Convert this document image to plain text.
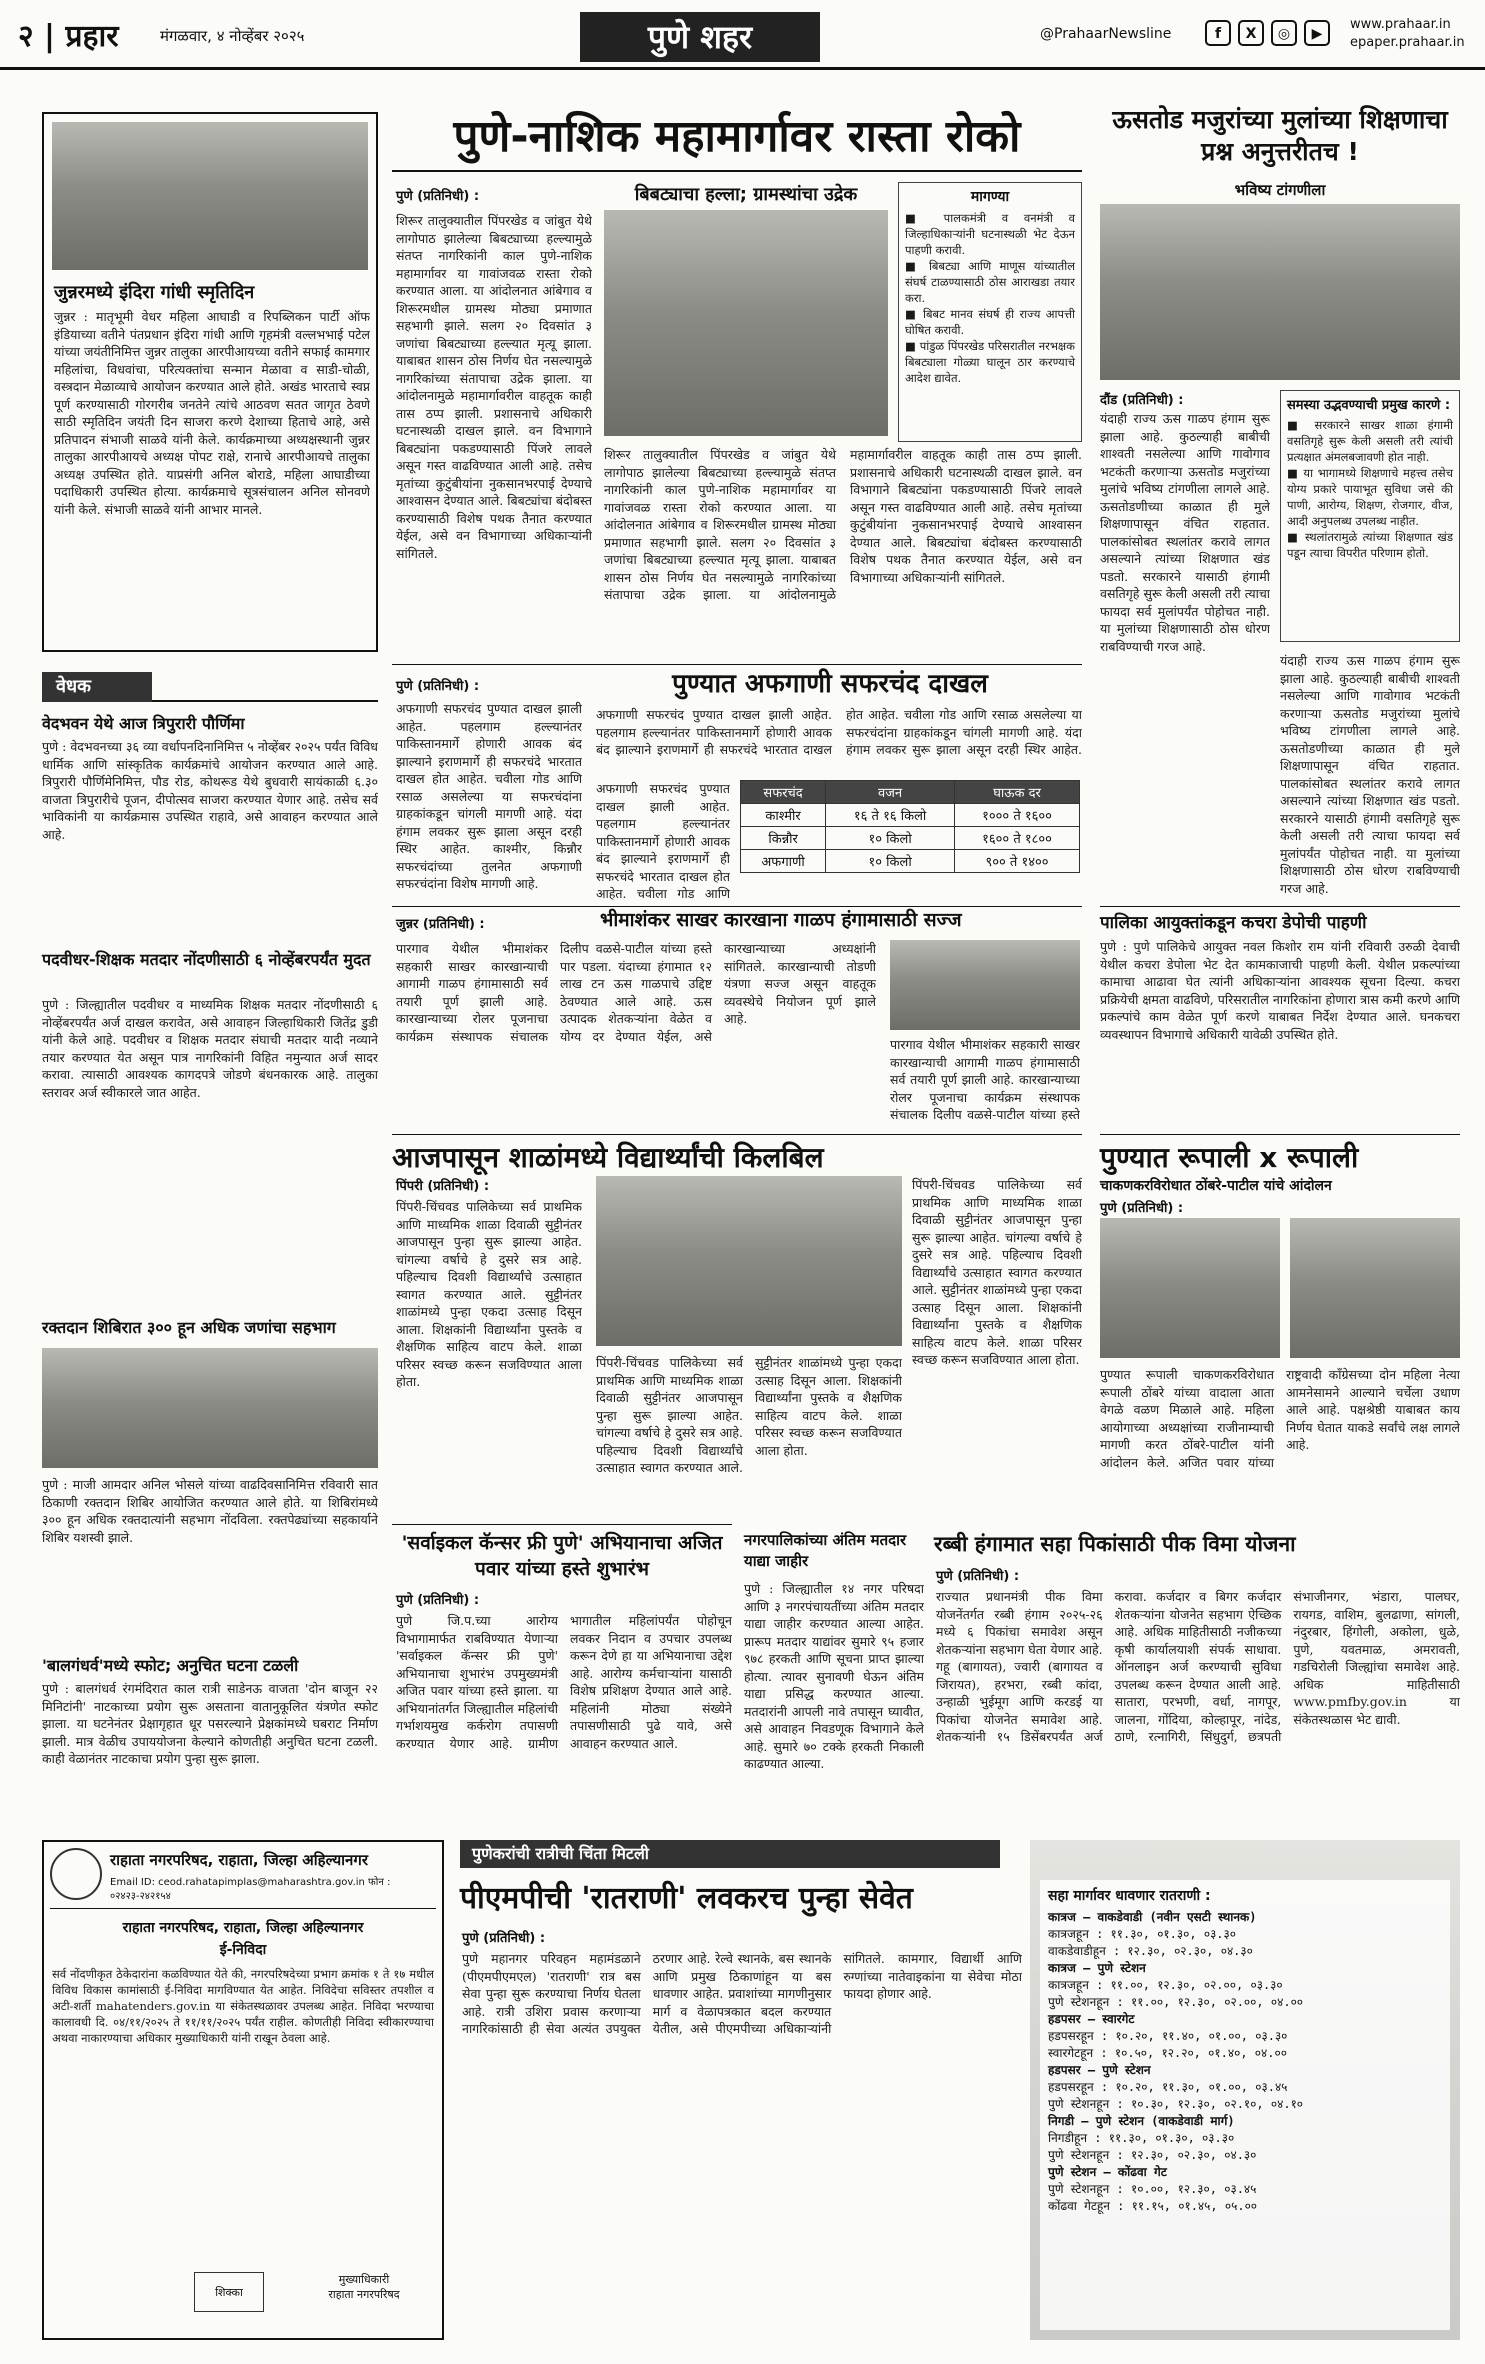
२ | प्रहार	मंगळवार, ४ नोव्हेंबर २०२५	पुणे शहर	@PrahaarNewsline	f	X	◎	▶
www.prahaar.in
epaper.prahaar.in
जुन्नरमध्ये इंदिरा गांधी स्मृतिदिन
जुन्नर : मातृभूमी वेधर महिला आघाडी व रिपब्लिकन पार्टी ऑफ इंडियाच्या वतीने पंतप्रधान इंदिरा गांधी आणि गृहमंत्री वल्लभभाई पटेल यांच्या जयंतीनिमित्त जुन्नर तालुका आरपीआयच्या वतीने सफाई कामगार महिलांचा, विधवांचा, परित्यक्तांचा सन्मान मेळावा व साडी-चोळी, वस्त्रदान मेळाव्याचे आयोजन करण्यात आले होते. अखंड भारताचे स्वप्न पूर्ण करण्यासाठी गोरगरीब जनतेने त्यांचे आठवण सतत जागृत ठेवणे साठी स्मृतिदिन जयंती दिन साजरा करणे देशाच्या हिताचे आहे, असे प्रतिपादन संभाजी साळवे यांनी केले. कार्यक्रमाच्या अध्यक्षस्थानी जुन्नर तालुका आरपीआयचे अध्यक्ष पोपट राक्षे, रानाचे आरपीआयचे तालुका अध्यक्ष उपस्थित होते. याप्रसंगी अनिल बोराडे, महिला आघाडीच्या पदाधिकारी उपस्थित होत्या. कार्यक्रमाचे सूत्रसंचालन अनिल सोनवणे यांनी केले. संभाजी साळवे यांनी आभार मानले.
वेधक
वेदभवन येथे आज त्रिपुरारी पौर्णिमा
पुणे : वेदभवनच्या ३६ व्या वर्धापनदिनानिमित्त ५ नोव्हेंबर २०२५ पर्यंत विविध धार्मिक आणि सांस्कृतिक कार्यक्रमांचे आयोजन करण्यात आले आहे. त्रिपुरारी पौर्णिमेनिमित्त, पौड रोड, कोथरूड येथे बुधवारी सायंकाळी ६.३० वाजता त्रिपुरारीचे पूजन, दीपोत्सव साजरा करण्यात येणार आहे. तसेच सर्व भाविकांनी या कार्यक्रमास उपस्थित राहावे, असे आवाहन करण्यात आले आहे.
पदवीधर-शिक्षक मतदार नोंदणीसाठी ६ नोव्हेंबरपर्यंत मुदत
पुणे : जिल्ह्यातील पदवीधर व माध्यमिक शिक्षक मतदार नोंदणीसाठी ६ नोव्हेंबरपर्यंत अर्ज दाखल करावेत, असे आवाहन जिल्हाधिकारी जितेंद्र डुडी यांनी केले आहे. पदवीधर व शिक्षक मतदार संघाची मतदार यादी नव्याने तयार करण्यात येत असून पात्र नागरिकांनी विहित नमुन्यात अर्ज सादर करावा. त्यासाठी आवश्यक कागदपत्रे जोडणे बंधनकारक आहे. तालुका स्तरावर अर्ज स्वीकारले जात आहेत.
रक्तदान शिबिरात ३०० हून अधिक जणांचा सहभाग
पुणे : माजी आमदार अनिल भोसले यांच्या वाढदिवसानिमित्त रविवारी सात ठिकाणी रक्तदान शिबिर आयोजित करण्यात आले होते. या शिबिरांमध्ये ३०० हून अधिक रक्तदात्यांनी सहभाग नोंदविला. रक्तपेढ्यांच्या सहकार्याने शिबिर यशस्वी झाले.
'बालगंधर्व'मध्ये स्फोट; अनुचित घटना टळली
पुणे : बालगंधर्व रंगमंदिरात काल रात्री साडेनऊ वाजता 'दोन बाजून २२ मिनिटांनी' नाटकाच्या प्रयोग सुरू असताना वातानुकूलित यंत्रणेत स्फोट झाला. या घटनेनंतर प्रेक्षागृहात धूर पसरल्याने प्रेक्षकांमध्ये घबराट निर्माण झाली. मात्र वेळीच उपाययोजना केल्याने कोणतीही अनुचित घटना टळली. काही वेळानंतर नाटकाचा प्रयोग पुन्हा सुरू झाला.
पुणे-नाशिक महामार्गावर रास्ता रोको
पुणे (प्रतिनिधी) :	बिबट्याचा हल्ला; ग्रामस्थांचा उद्रेक
शिरूर तालुक्यातील पिंपरखेड व जांबुत येथे लागोपाठ झालेल्या बिबट्याच्या हल्ल्यामुळे संतप्त नागरिकांनी काल पुणे-नाशिक महामार्गावर या गावांजवळ रास्ता रोको करण्यात आला. या आंदोलनात आंबेगाव व शिरूरमधील ग्रामस्थ मोठ्या प्रमाणात सहभागी झाले. सलग २० दिवसांत ३ जणांचा बिबट्याच्या हल्ल्यात मृत्यू झाला. याबाबत शासन ठोस निर्णय घेत नसल्यामुळे नागरिकांच्या संतापाचा उद्रेक झाला. या आंदोलनामुळे महामार्गावरील वाहतूक काही तास ठप्प झाली. प्रशासनाचे अधिकारी घटनास्थळी दाखल झाले. वन विभागाने बिबट्यांना पकडण्यासाठी पिंजरे लावले असून गस्त वाढविण्यात आली आहे. तसेच मृतांच्या कुटुंबीयांना नुकसानभरपाई देण्याचे आश्वासन देण्यात आले. बिबट्यांचा बंदोबस्त करण्यासाठी विशेष पथक तैनात करण्यात येईल, असे वन विभागाच्या अधिकाऱ्यांनी सांगितले.
मागण्या
■ पालकमंत्री व वनमंत्री व जिल्हाधिकाऱ्यांनी घटनास्थळी भेट देऊन पाहणी करावी.
■ बिबट्या आणि माणूस यांच्यातील संघर्ष टाळण्यासाठी ठोस आराखडा तयार करा.
■ बिबट मानव संघर्ष ही राज्य आपत्ती घोषित करावी.
■ पांडुळ पिंपरखेड परिसरातील नरभक्षक बिबट्याला गोळ्या घालून ठार करण्याचे आदेश द्यावेत.
शिरूर तालुक्यातील पिंपरखेड व जांबुत येथे लागोपाठ झालेल्या बिबट्याच्या हल्ल्यामुळे संतप्त नागरिकांनी काल पुणे-नाशिक महामार्गावर या गावांजवळ रास्ता रोको करण्यात आला. या आंदोलनात आंबेगाव व शिरूरमधील ग्रामस्थ मोठ्या प्रमाणात सहभागी झाले. सलग २० दिवसांत ३ जणांचा बिबट्याच्या हल्ल्यात मृत्यू झाला. याबाबत शासन ठोस निर्णय घेत नसल्यामुळे नागरिकांच्या संतापाचा उद्रेक झाला. या आंदोलनामुळे महामार्गावरील वाहतूक काही तास ठप्प झाली. प्रशासनाचे अधिकारी घटनास्थळी दाखल झाले. वन विभागाने बिबट्यांना पकडण्यासाठी पिंजरे लावले असून गस्त वाढविण्यात आली आहे. तसेच मृतांच्या कुटुंबीयांना नुकसानभरपाई देण्याचे आश्वासन देण्यात आले. बिबट्यांचा बंदोबस्त करण्यासाठी विशेष पथक तैनात करण्यात येईल, असे वन विभागाच्या अधिकाऱ्यांनी सांगितले.
ऊसतोड मजुरांच्या मुलांच्या शिक्षणाचा प्रश्न अनुत्तरीतच !
भविष्य टांगणीला
दौंड (प्रतिनिधी) :
यंदाही राज्य ऊस गाळप हंगाम सुरू झाला आहे. कुठल्याही बाबीची शाश्वती नसलेल्या आणि गावोगाव भटकंती करणाऱ्या ऊसतोड मजुरांच्या मुलांचे भविष्य टांगणीला लागले आहे. ऊसतोडणीच्या काळात ही मुले शिक्षणापासून वंचित राहतात. पालकांसोबत स्थलांतर करावे लागत असल्याने त्यांच्या शिक्षणात खंड पडतो. सरकारने यासाठी हंगामी वसतिगृहे सुरू केली असली तरी त्याचा फायदा सर्व मुलांपर्यंत पोहोचत नाही. या मुलांच्या शिक्षणासाठी ठोस धोरण राबविण्याची गरज आहे.
समस्या उद्भवण्याची प्रमुख कारणे :
■ सरकारने साखर शाळा हंगामी वसतिगृहे सुरू केली असली तरी त्यांची प्रत्यक्षात अंमलबजावणी होत नाही.
■ या भागामध्ये शिक्षणाचे महत्त्व तसेच योग्य प्रकारे पायाभूत सुविधा जसे की पाणी, आरोग्य, शिक्षण, रोजगार, वीज, आदी अनुपलब्ध उपलब्ध नाहीत.
■ स्थलांतरामुळे त्यांच्या शिक्षणात खंड पडून त्याचा विपरीत परिणाम होतो.
यंदाही राज्य ऊस गाळप हंगाम सुरू झाला आहे. कुठल्याही बाबीची शाश्वती नसलेल्या आणि गावोगाव भटकंती करणाऱ्या ऊसतोड मजुरांच्या मुलांचे भविष्य टांगणीला लागले आहे. ऊसतोडणीच्या काळात ही मुले शिक्षणापासून वंचित राहतात. पालकांसोबत स्थलांतर करावे लागत असल्याने त्यांच्या शिक्षणात खंड पडतो. सरकारने यासाठी हंगामी वसतिगृहे सुरू केली असली तरी त्याचा फायदा सर्व मुलांपर्यंत पोहोचत नाही. या मुलांच्या शिक्षणासाठी ठोस धोरण राबविण्याची गरज आहे.
पुणे (प्रतिनिधी) :	पुण्यात अफगाणी सफरचंद दाखल
अफगाणी सफरचंद पुण्यात दाखल झाली आहेत. पहलगाम हल्ल्यानंतर पाकिस्तानमार्गे होणारी आवक बंद झाल्याने इराणमार्गे ही सफरचंदे भारतात दाखल होत आहेत. चवीला गोड आणि रसाळ असलेल्या या सफरचंदांना ग्राहकांकडून चांगली मागणी आहे. यंदा हंगाम लवकर सुरू झाला असून दरही स्थिर आहेत. काश्मीर, किन्नौर सफरचंदांच्या तुलनेत अफगाणी सफरचंदांना विशेष मागणी आहे.
अफगाणी सफरचंद पुण्यात दाखल झाली आहेत. पहलगाम हल्ल्यानंतर पाकिस्तानमार्गे होणारी आवक बंद झाल्याने इराणमार्गे ही सफरचंदे भारतात दाखल होत आहेत. चवीला गोड आणि रसाळ असलेल्या या सफरचंदांना ग्राहकांकडून चांगली मागणी आहे. यंदा हंगाम लवकर सुरू झाला असून दरही स्थिर आहेत.
सफरचंद	वजन	घाऊक दर
काश्मीर	१६ ते १६ किलो	१००० ते १६००
किन्नौर	१० किलो	१६०० ते १८००
अफगाणी	१० किलो	९०० ते १४००
अफगाणी सफरचंद पुण्यात दाखल झाली आहेत. पहलगाम हल्ल्यानंतर पाकिस्तानमार्गे होणारी आवक बंद झाल्याने इराणमार्गे ही सफरचंदे भारतात दाखल होत आहेत. चवीला गोड आणि
जुन्नर (प्रतिनिधी) :	भीमाशंकर साखर कारखाना गाळप हंगामासाठी सज्ज
पारगाव येथील भीमाशंकर सहकारी साखर कारखान्याची आगामी गाळप हंगामासाठी सर्व तयारी पूर्ण झाली आहे. कारखान्याच्या रोलर पूजनाचा कार्यक्रम संस्थापक संचालक दिलीप वळसे-पाटील यांच्या हस्ते पार पडला. यंदाच्या हंगामात १२ लाख टन ऊस गाळपाचे उद्दिष्ट ठेवण्यात आले आहे. ऊस उत्पादक शेतकऱ्यांना वेळेत व योग्य दर देण्यात येईल, असे कारखान्याच्या अध्यक्षांनी सांगितले. कारखान्याची तोडणी यंत्रणा सज्ज असून वाहतूक व्यवस्थेचे नियोजन पूर्ण झाले आहे.
पारगाव येथील भीमाशंकर सहकारी साखर कारखान्याची आगामी गाळप हंगामासाठी सर्व तयारी पूर्ण झाली आहे. कारखान्याच्या रोलर पूजनाचा कार्यक्रम संस्थापक संचालक दिलीप वळसे-पाटील यांच्या हस्ते
पालिका आयुक्तांकडून कचरा डेपोची पाहणी
पुणे : पुणे पालिकेचे आयुक्त नवल किशोर राम यांनी रविवारी उरुळी देवाची येथील कचरा डेपोला भेट देत कामकाजाची पाहणी केली. येथील प्रकल्पांच्या कामाचा आढावा घेत त्यांनी अधिकाऱ्यांना आवश्यक सूचना दिल्या. कचरा प्रक्रियेची क्षमता वाढविणे, परिसरातील नागरिकांना होणारा त्रास कमी करणे आणि प्रकल्पांचे काम वेळेत पूर्ण करणे याबाबत निर्देश देण्यात आले. घनकचरा व्यवस्थापन विभागाचे अधिकारी यावेळी उपस्थित होते.
आजपासून शाळांमध्ये विद्यार्थ्यांची किलबिल
पिंपरी (प्रतिनिधी) :
पिंपरी-चिंचवड पालिकेच्या सर्व प्राथमिक आणि माध्यमिक शाळा दिवाळी सुट्टीनंतर आजपासून पुन्हा सुरू झाल्या आहेत. चांगल्या वर्षाचे हे दुसरे सत्र आहे. पहिल्याच दिवशी विद्यार्थ्यांचे उत्साहात स्वागत करण्यात आले. सुट्टीनंतर शाळांमध्ये पुन्हा एकदा उत्साह दिसून आला. शिक्षकांनी विद्यार्थ्यांना पुस्तके व शैक्षणिक साहित्य वाटप केले. शाळा परिसर स्वच्छ करून सजविण्यात आला होता.
पिंपरी-चिंचवड पालिकेच्या सर्व प्राथमिक आणि माध्यमिक शाळा दिवाळी सुट्टीनंतर आजपासून पुन्हा सुरू झाल्या आहेत. चांगल्या वर्षाचे हे दुसरे सत्र आहे. पहिल्याच दिवशी विद्यार्थ्यांचे उत्साहात स्वागत करण्यात आले. सुट्टीनंतर शाळांमध्ये पुन्हा एकदा उत्साह दिसून आला. शिक्षकांनी विद्यार्थ्यांना पुस्तके व शैक्षणिक साहित्य वाटप केले. शाळा परिसर स्वच्छ करून सजविण्यात आला होता.
पिंपरी-चिंचवड पालिकेच्या सर्व प्राथमिक आणि माध्यमिक शाळा दिवाळी सुट्टीनंतर आजपासून पुन्हा सुरू झाल्या आहेत. चांगल्या वर्षाचे हे दुसरे सत्र आहे. पहिल्याच दिवशी विद्यार्थ्यांचे उत्साहात स्वागत करण्यात आले. सुट्टीनंतर शाळांमध्ये पुन्हा एकदा उत्साह दिसून आला. शिक्षकांनी विद्यार्थ्यांना पुस्तके व शैक्षणिक साहित्य वाटप केले. शाळा परिसर स्वच्छ करून सजविण्यात आला होता.
पुण्यात रूपाली x रूपाली
चाकणकरविरोधात ठोंबरे-पाटील यांचे आंदोलन
पुणे (प्रतिनिधी) :
पुण्यात रूपाली चाकणकरविरोधात रूपाली ठोंबरे यांच्या वादाला आता वेगळे वळण मिळाले आहे. महिला आयोगाच्या अध्यक्षांच्या राजीनाम्याची मागणी करत ठोंबरे-पाटील यांनी आंदोलन केले. अजित पवार यांच्या राष्ट्रवादी काँग्रेसच्या दोन महिला नेत्या आमनेसामने आल्याने चर्चेला उधाण आले आहे. पक्षश्रेष्ठी याबाबत काय निर्णय घेतात याकडे सर्वांचे लक्ष लागले आहे.
'सर्वाइकल कॅन्सर फ्री पुणे' अभियानाचा अजित पवार यांच्या हस्ते शुभारंभ
पुणे (प्रतिनिधी) :
पुणे जि.प.च्या आरोग्य विभागामार्फत राबविण्यात येणाऱ्या 'सर्वाइकल कॅन्सर फ्री पुणे' अभियानाचा शुभारंभ उपमुख्यमंत्री अजित पवार यांच्या हस्ते झाला. या अभियानांतर्गत जिल्ह्यातील महिलांची गर्भाशयमुख कर्करोग तपासणी करण्यात येणार आहे. ग्रामीण भागातील महिलांपर्यंत पोहोचून लवकर निदान व उपचार उपलब्ध करून देणे हा या अभियानाचा उद्देश आहे. आरोग्य कर्मचाऱ्यांना यासाठी विशेष प्रशिक्षण देण्यात आले आहे. महिलांनी मोठ्या संख्येने तपासणीसाठी पुढे यावे, असे आवाहन करण्यात आले.
नगरपालिकांच्या अंतिम मतदार याद्या जाहीर
पुणे : जिल्ह्यातील १४ नगर परिषदा आणि ३ नगरपंचायतींच्या अंतिम मतदार याद्या जाहीर करण्यात आल्या आहेत. प्रारूप मतदार याद्यांवर सुमारे ९५ हजार ९७८ हरकती आणि सूचना प्राप्त झाल्या होत्या. त्यावर सुनावणी घेऊन अंतिम याद्या प्रसिद्ध करण्यात आल्या. मतदारांनी आपली नावे तपासून घ्यावीत, असे आवाहन निवडणूक विभागाने केले आहे. सुमारे ७० टक्के हरकती निकाली काढण्यात आल्या.
रब्बी हंगामात सहा पिकांसाठी पीक विमा योजना
पुणे (प्रतिनिधी) :
राज्यात प्रधानमंत्री पीक विमा योजनेंतर्गत रब्बी हंगाम २०२५-२६ मध्ये ६ पिकांचा समावेश असून शेतकऱ्यांना सहभाग घेता येणार आहे. गहू (बागायत), ज्वारी (बागायत व जिरायत), हरभरा, रब्बी कांदा, उन्हाळी भुईमूग आणि करडई या पिकांचा योजनेत समावेश आहे. शेतकऱ्यांनी १५ डिसेंबरपर्यंत अर्ज करावा. कर्जदार व बिगर कर्जदार शेतकऱ्यांना योजनेत सहभाग ऐच्छिक आहे. अधिक माहितीसाठी नजीकच्या कृषी कार्यालयाशी संपर्क साधावा. ऑनलाइन अर्ज करण्याची सुविधा उपलब्ध करून देण्यात आली आहे. सातारा, परभणी, वर्धा, नागपूर, जालना, गोंदिया, कोल्हापूर, नांदेड, ठाणे, रत्नागिरी, सिंधुदुर्ग, छत्रपती संभाजीनगर, भंडारा, पालघर, रायगड, वाशिम, बुलढाणा, सांगली, नंदुरबार, हिंगोली, अकोला, धुळे, पुणे, यवतमाळ, अमरावती, गडचिरोली जिल्ह्यांचा समावेश आहे. अधिक माहितीसाठी www.pmfby.gov.in या संकेतस्थळास भेट द्यावी.
राहाता नगरपरिषद, राहाता, जिल्हा अहिल्यानगर
Email ID: ceod.rahatapimplas@maharashtra.gov.in फोन : ०२४२३-२४२१५४
राहाता नगरपरिषद, राहाता, जिल्हा अहिल्यानगर
ई-निविदा
सर्व नोंदणीकृत ठेकेदारांना कळविण्यात येते की, नगरपरिषदेच्या प्रभाग क्रमांक १ ते १७ मधील विविध विकास कामांसाठी ई-निविदा मागविण्यात येत आहेत. निविदेचा सविस्तर तपशील व अटी-शर्ती mahatenders.gov.in या संकेतस्थळावर उपलब्ध आहेत. निविदा भरण्याचा कालावधी दि. ०४/११/२०२५ ते ११/११/२०२५ पर्यंत राहील. कोणतीही निविदा स्वीकारण्याचा अथवा नाकारण्याचा अधिकार मुख्याधिकारी यांनी राखून ठेवला आहे.
शिक्का
मुख्याधिकारी
राहाता नगरपरिषद
पुणेकरांची रात्रीची चिंता मिटली
पीएमपीची 'रातराणी' लवकरच पुन्हा सेवेत
पुणे (प्रतिनिधी) :
पुणे महानगर परिवहन महामंडळाने (पीएमपीएमएल) 'रातराणी' रात्र बस सेवा पुन्हा सुरू करण्याचा निर्णय घेतला आहे. रात्री उशिरा प्रवास करणाऱ्या नागरिकांसाठी ही सेवा अत्यंत उपयुक्त ठरणार आहे. रेल्वे स्थानके, बस स्थानके आणि प्रमुख ठिकाणांहून या बस धावणार आहेत. प्रवाशांच्या मागणीनुसार मार्ग व वेळापत्रकात बदल करण्यात येतील, असे पीएमपीच्या अधिकाऱ्यांनी सांगितले. कामगार, विद्यार्थी आणि रुग्णांच्या नातेवाइकांना या सेवेचा मोठा फायदा होणार आहे.
सहा मार्गावर धावणार रातराणी :
कात्रज – वाकडेवाडी (नवीन एसटी स्थानक)
कात्रजहून : ११.३०, ०१.३०, ०३.३०
वाकडेवाडीहून : १२.३०, ०२.३०, ०४.३०
कात्रज – पुणे स्टेशन
कात्रजहून : ११.००, १२.३०, ०२.००, ०३.३०
पुणे स्टेशनहून : ११.००, १२.३०, ०२.००, ०४.००
हडपसर – स्वारगेट
हडपसरहून : १०.२०, ११.४०, ०१.००, ०३.३०
स्वारगेटहून : १०.५०, १२.२०, ०१.४०, ०४.००
हडपसर – पुणे स्टेशन
हडपसरहून : १०.२०, ११.३०, ०१.००, ०३.४५
पुणे स्टेशनहून : १०.३०, १२.३०, ०२.१०, ०४.१०
निगडी – पुणे स्टेशन (वाकडेवाडी मार्ग)
निगडीहून : ११.३०, ०१.३०, ०३.३०
पुणे स्टेशनहून : १२.३०, ०२.३०, ०४.३०
पुणे स्टेशन – कोंढवा गेट
पुणे स्टेशनहून : १०.००, १२.३०, ०३.४५
कोंढवा गेटहून : ११.१५, ०१.४५, ०५.००
